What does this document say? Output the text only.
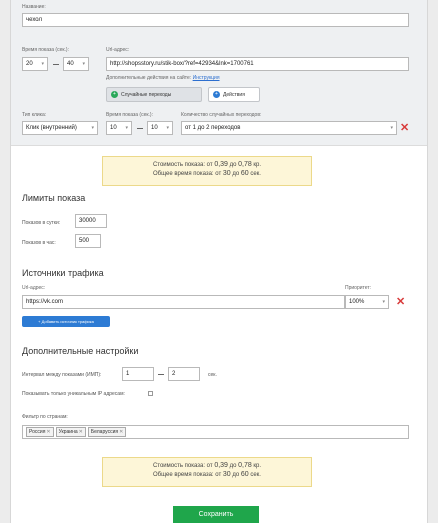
Название:
чехол
Время показа (сек.):
20 ▾	40 ▾
Url-адрес:
http://shopsstory.ru/stik-box/?ref=42934&lnk=1700761
Дополнительные действия на сайте: Инструкция
+	Случайные переходы	+	Действия
Тип клика:
Клик (внутренний)	▾
Время показа (сек.):
10 ▾	10 ▾
Количество случайных переходов:
от 1 до 2 переходов	▾ ✕
Стоимость показа: от 0,39 до 0,78 кр.
Общее время показа: от 30 до 60 сек.
Лимиты показа
Показов в сутки:	30000
Показов в час:	500
Источники трафика
Url-адрес:
https://vk.com
Приоритет:
100%	▾ ✕
+ Добавить источник трафика
Дополнительные настройки
Интервал между показами (ИМП):	1	2	сек.
Показывать только уникальным IP адресам:
Фильтр по странам:
Россия✕	Украина✕	Беларуссия✕
Стоимость показа: от 0,39 до 0,78 кр.
Общее время показа: от 30 до 60 сек.
Сохранить
